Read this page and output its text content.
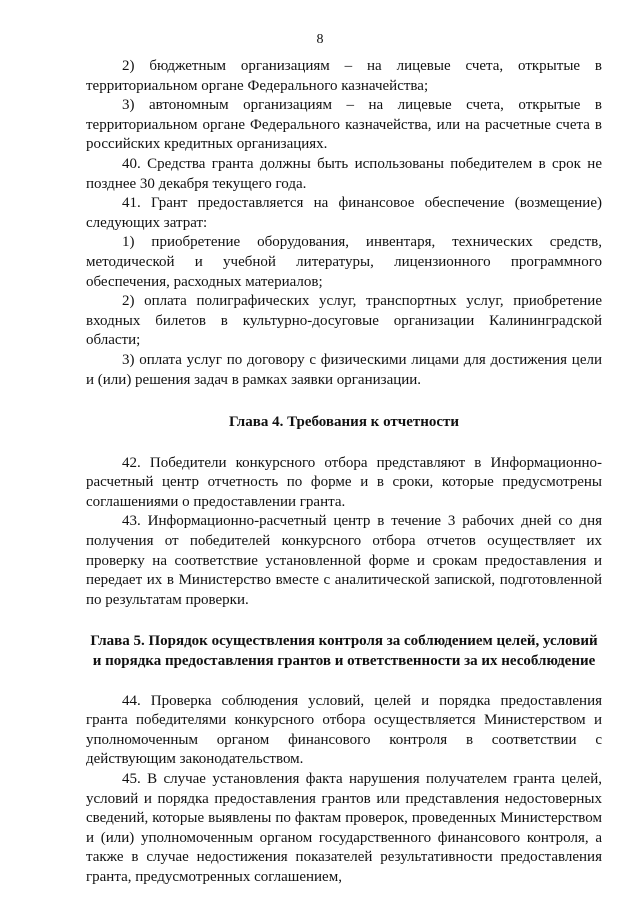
8

2) бюджетным организациям – на лицевые счета, открытые в территориальном органе Федерального казначейства;

3) автономным организациям – на лицевые счета, открытые в территориальном органе Федерального казначейства, или на расчетные счета в российских кредитных организациях.

40. Средства гранта должны быть использованы победителем в срок не позднее 30 декабря текущего года.

41. Грант предоставляется на финансовое обеспечение (возмещение) следующих затрат:

1) приобретение оборудования, инвентаря, технических средств, методической и учебной литературы, лицензионного программного обеспечения, расходных материалов;

2) оплата полиграфических услуг, транспортных услуг, приобретение входных билетов в культурно-досуговые организации Калининградской области;

3) оплата услуг по договору с физическими лицами для достижения цели и (или) решения задач в рамках заявки организации.

Глава 4. Требования к отчетности

42. Победители конкурсного отбора представляют в Информационно-расчетный центр отчетность по форме и в сроки, которые предусмотрены соглашениями о предоставлении гранта.

43. Информационно-расчетный центр в течение 3 рабочих дней со дня получения от победителей конкурсного отбора отчетов осуществляет их проверку на соответствие установленной форме и срокам предоставления и передает их в Министерство вместе с аналитической запиской, подготовленной по результатам проверки.

Глава 5. Порядок осуществления контроля за соблюдением целей, условий и порядка предоставления грантов и ответственности за их несоблюдение

44. Проверка соблюдения условий, целей и порядка предоставления гранта победителями конкурсного отбора осуществляется Министерством и уполномоченным органом финансового контроля в соответствии с действующим законодательством.

45. В случае установления факта нарушения получателем гранта целей, условий и порядка предоставления грантов или представления недостоверных сведений, которые выявлены по фактам проверок, проведенных Министерством и (или) уполномоченным органом государственного финансового контроля, а также в случае недостижения показателей результативности предоставления гранта, предусмотренных соглашением,
